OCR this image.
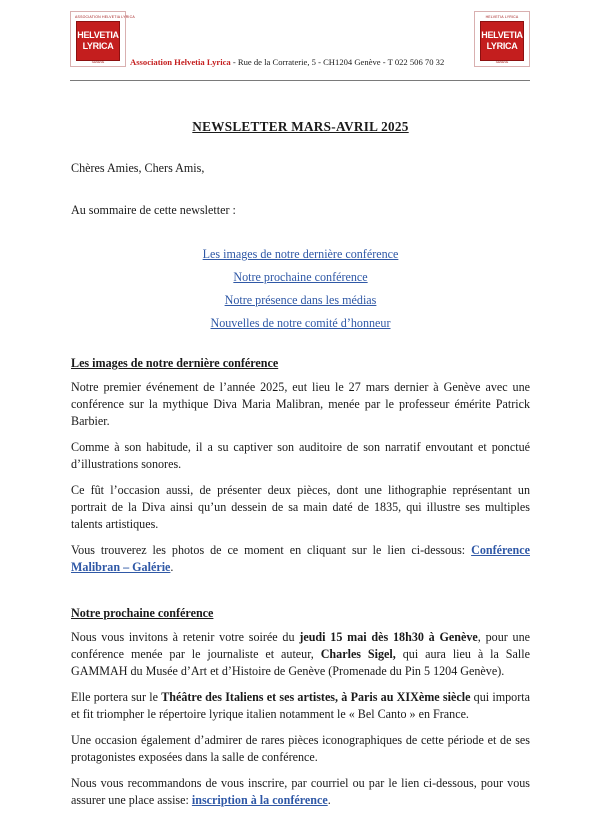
ASSOCIATION HELVETIA LYRICA
HELVETIA
LYRICA
GENÈVE
HELVETIA LYRICA
HELVETIA
LYRICA
GENÈVE
Association Helvetia Lyrica - Rue de la Corraterie, 5 - CH1204 Genève - T 022 506 70 32
NEWSLETTER MARS-AVRIL 2025

Chères Amies, Chers Amis,

Au sommaire de cette newsletter :

Les images de notre dernière conférence
Notre prochaine conférence
Notre présence dans les médias
Nouvelles de notre comité d’honneur
Les images de notre dernière conférence

Notre premier événement de l’année 2025, eut lieu le 27 mars dernier à Genève avec une conférence sur la mythique Diva Maria Malibran, menée par le professeur émérite Patrick Barbier.

Comme à son habitude, il a su captiver son auditoire de son narratif envoutant et ponctué d’illustrations sonores.

Ce fût l’occasion aussi, de présenter deux pièces, dont une lithographie représentant un portrait de la Diva ainsi qu’un dessein de sa main daté de 1835, qui illustre ses multiples talents artistiques.

Vous trouverez les photos de ce moment en cliquant sur le lien ci-dessous: Conférence Malibran – Galérie.

Notre prochaine conférence

Nous vous invitons à retenir votre soirée du jeudi 15 mai dès 18h30 à Genève, pour une conférence menée par le journaliste et auteur, Charles Sigel, qui aura lieu à la Salle GAMMAH du Musée d’Art et d’Histoire de Genève (Promenade du Pin 5 1204 Genève).

Elle portera sur le Théâtre des Italiens et ses artistes, à Paris au XIXème siècle qui importa et fit triompher le répertoire lyrique italien notamment le « Bel Canto » en France.

Une occasion également d’admirer de rares pièces iconographiques de cette période et de ses protagonistes exposées dans la salle de conférence.

Nous vous recommandons de vous inscrire, par courriel ou par le lien ci-dessous, pour vous assurer une place assise: inscription à la conférence.
